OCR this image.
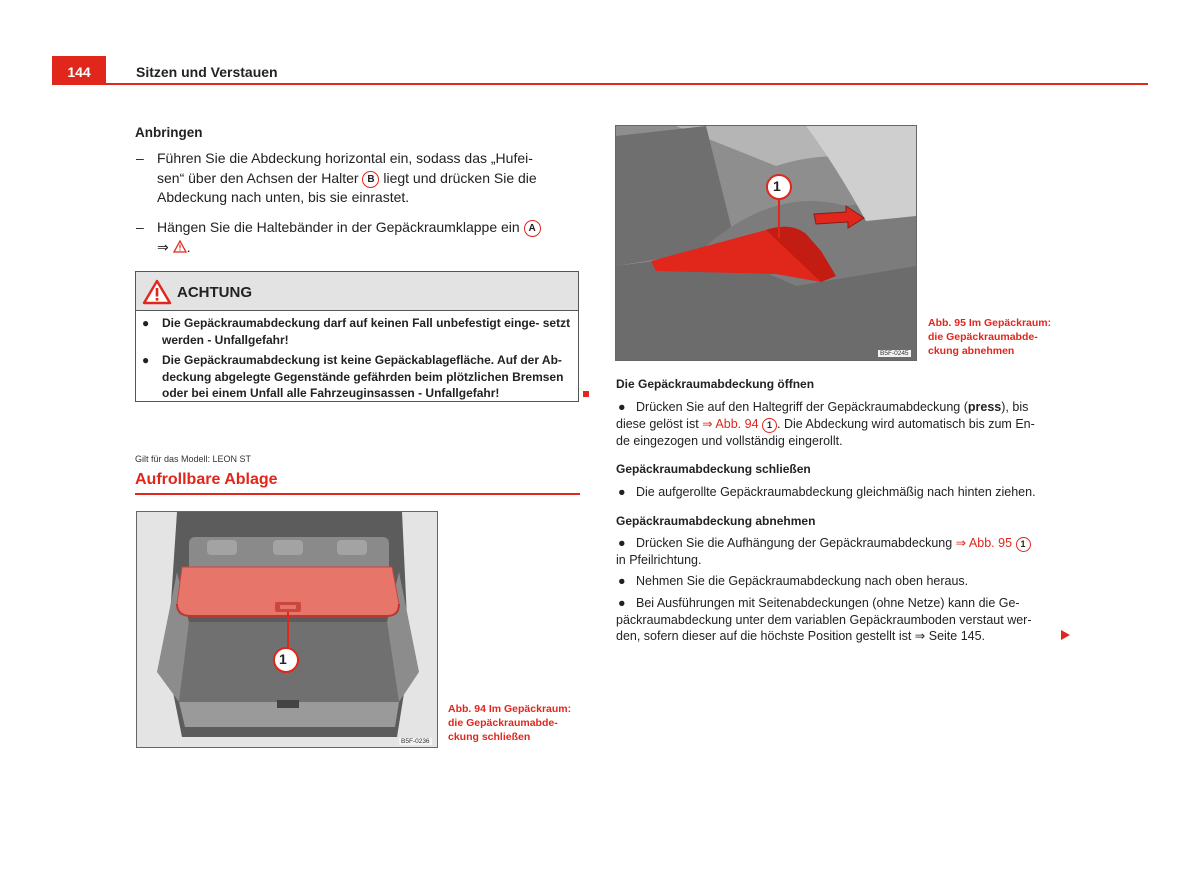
144	Sitzen und Verstauen
Anbringen
– Führen Sie die Abdeckung horizontal ein, sodass das „Hufei-
sen“ über den Achsen der Halter B liegt und drücken Sie die
Abdeckung nach unten, bis sie einrastet.
– Hängen Sie die Haltebänder in der Gepäckraumklappe ein A
⇒ .
ACHTUNG
●	Die Gepäckraumabdeckung darf auf keinen Fall unbefestigt einge- setzt werden - Unfallgefahr!
●	Die Gepäckraumabdeckung ist keine Gepäckablagefläche. Auf der Ab- deckung abgelegte Gegenstände gefährden beim plötzlichen Bremsen oder bei einem Unfall alle Fahrzeuginsassen - Unfallgefahr!
Gilt für das Modell: LEON ST
Aufrollbare Ablage
1
B5F-0236
Abb. 94 Im Gepäckraum:
die Gepäckraumabde-
ckung schließen
1
B5F-0245
Abb. 95 Im Gepäckraum:
die Gepäckraumabde-
ckung abnehmen
Die Gepäckraumabdeckung öffnen
● Drücken Sie auf den Haltegriff der Gepäckraumabdeckung (press), bis
diese gelöst ist ⇒ Abb. 94 1 . Die Abdeckung wird automatisch bis zum En-
de eingezogen und vollständig eingerollt.
Gepäckraumabdeckung schließen
● Die aufgerollte Gepäckraumabdeckung gleichmäßig nach hinten ziehen.
Gepäckraumabdeckung abnehmen
● Drücken Sie die Aufhängung der Gepäckraumabdeckung ⇒ Abb. 95 1
in Pfeilrichtung.
● Nehmen Sie die Gepäckraumabdeckung nach oben heraus.
● Bei Ausführungen mit Seitenabdeckungen (ohne Netze) kann die Ge-
päckraumabdeckung unter dem variablen Gepäckraumboden verstaut wer-
den, sofern dieser auf die höchste Position gestellt ist ⇒ Seite 145.
